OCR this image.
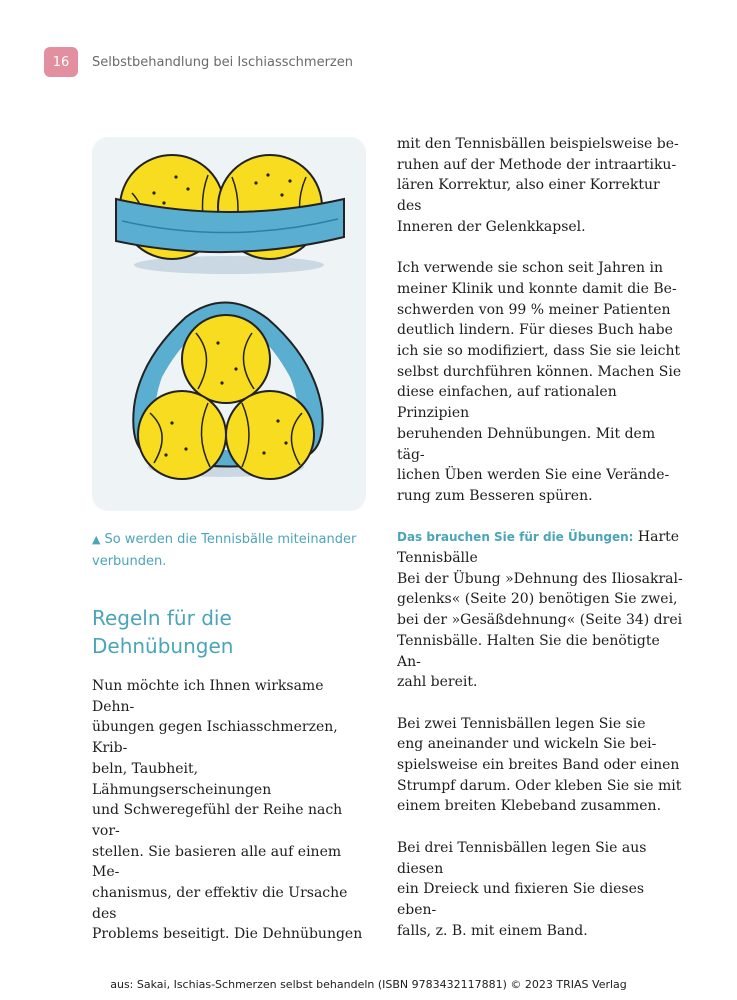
16	Selbstbehandlung bei Ischiasschmerzen
▲ So werden die Tennisbälle miteinander verbunden.
Regeln für die Dehnübungen

Nun möchte ich Ihnen wirksame Dehn-
übungen gegen Ischiasschmerzen, Krib-
beln, Taubheit, Lähmungserscheinungen
und Schweregefühl der Reihe nach vor-
stellen. Sie basieren alle auf einem Me-
chanismus, der effektiv die Ursache des
Problems beseitigt. Die Dehnübungen

mit den Tennisbällen beispielsweise be-
ruhen auf der Methode der intraartiku-
lären Korrektur, also einer Korrektur des
Inneren der Gelenkkapsel.

Ich verwende sie schon seit Jahren in
meiner Klinik und konnte damit die Be-
schwerden von 99 % meiner Patienten
deutlich lindern. Für dieses Buch habe
ich sie so modifiziert, dass Sie sie leicht
selbst durchführen können. Machen Sie
diese einfachen, auf rationalen Prinzipien
beruhenden Dehnübungen. Mit dem täg-
lichen Üben werden Sie eine Verände-
rung zum Besseren spüren.

Das brauchen Sie für die Übungen: Harte
Tennisbälle
Bei der Übung »Dehnung des Iliosakral-
gelenks« (Seite 20) benötigen Sie zwei,
bei der »Gesäßdehnung« (Seite 34) drei
Tennisbälle. Halten Sie die benötigte An-
zahl bereit.

Bei zwei Tennisbällen legen Sie sie
eng aneinander und wickeln Sie bei-
spielsweise ein breites Band oder einen
Strumpf darum. Oder kleben Sie sie mit
einem breiten Klebeband zusammen.

Bei drei Tennisbällen legen Sie aus diesen
ein Dreieck und fixieren Sie dieses eben-
falls, z. B. mit einem Band.

aus: Sakai, Ischias-Schmerzen selbst behandeln (ISBN 9783432117881) © 2023 TRIAS Verlag
